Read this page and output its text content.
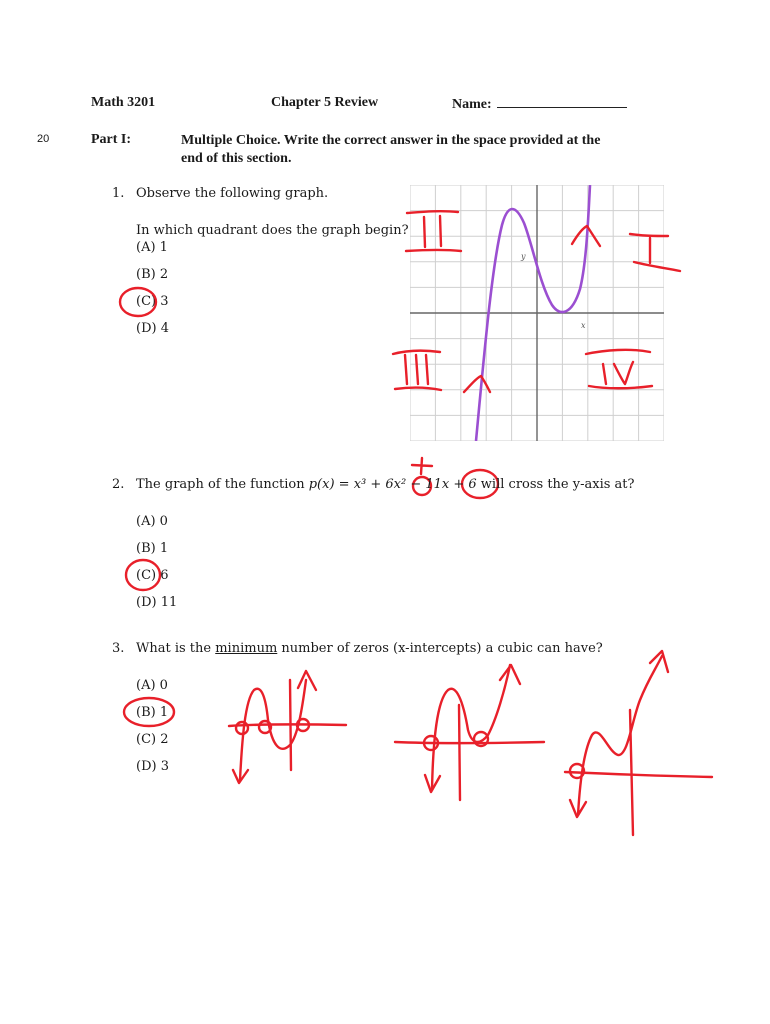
Math 3201	Chapter 5 Review	Name:
20	Part I:	Multiple Choice. Write the correct answer in the space provided at the
end of this section.
1. Observe the following graph.
In which quadrant does the graph begin?
(A) 1
(B) 2
(C) 3
(D) 4
y
x
2. The graph of the function p(x) = x³ + 6x² − 11x + 6 will cross the y-axis at?
(A) 0
(B) 1
(C) 6
(D) 11
3. What is the minimum number of zeros (x-intercepts) a cubic can have?
(A) 0
(B) 1
(C) 2
(D) 3
